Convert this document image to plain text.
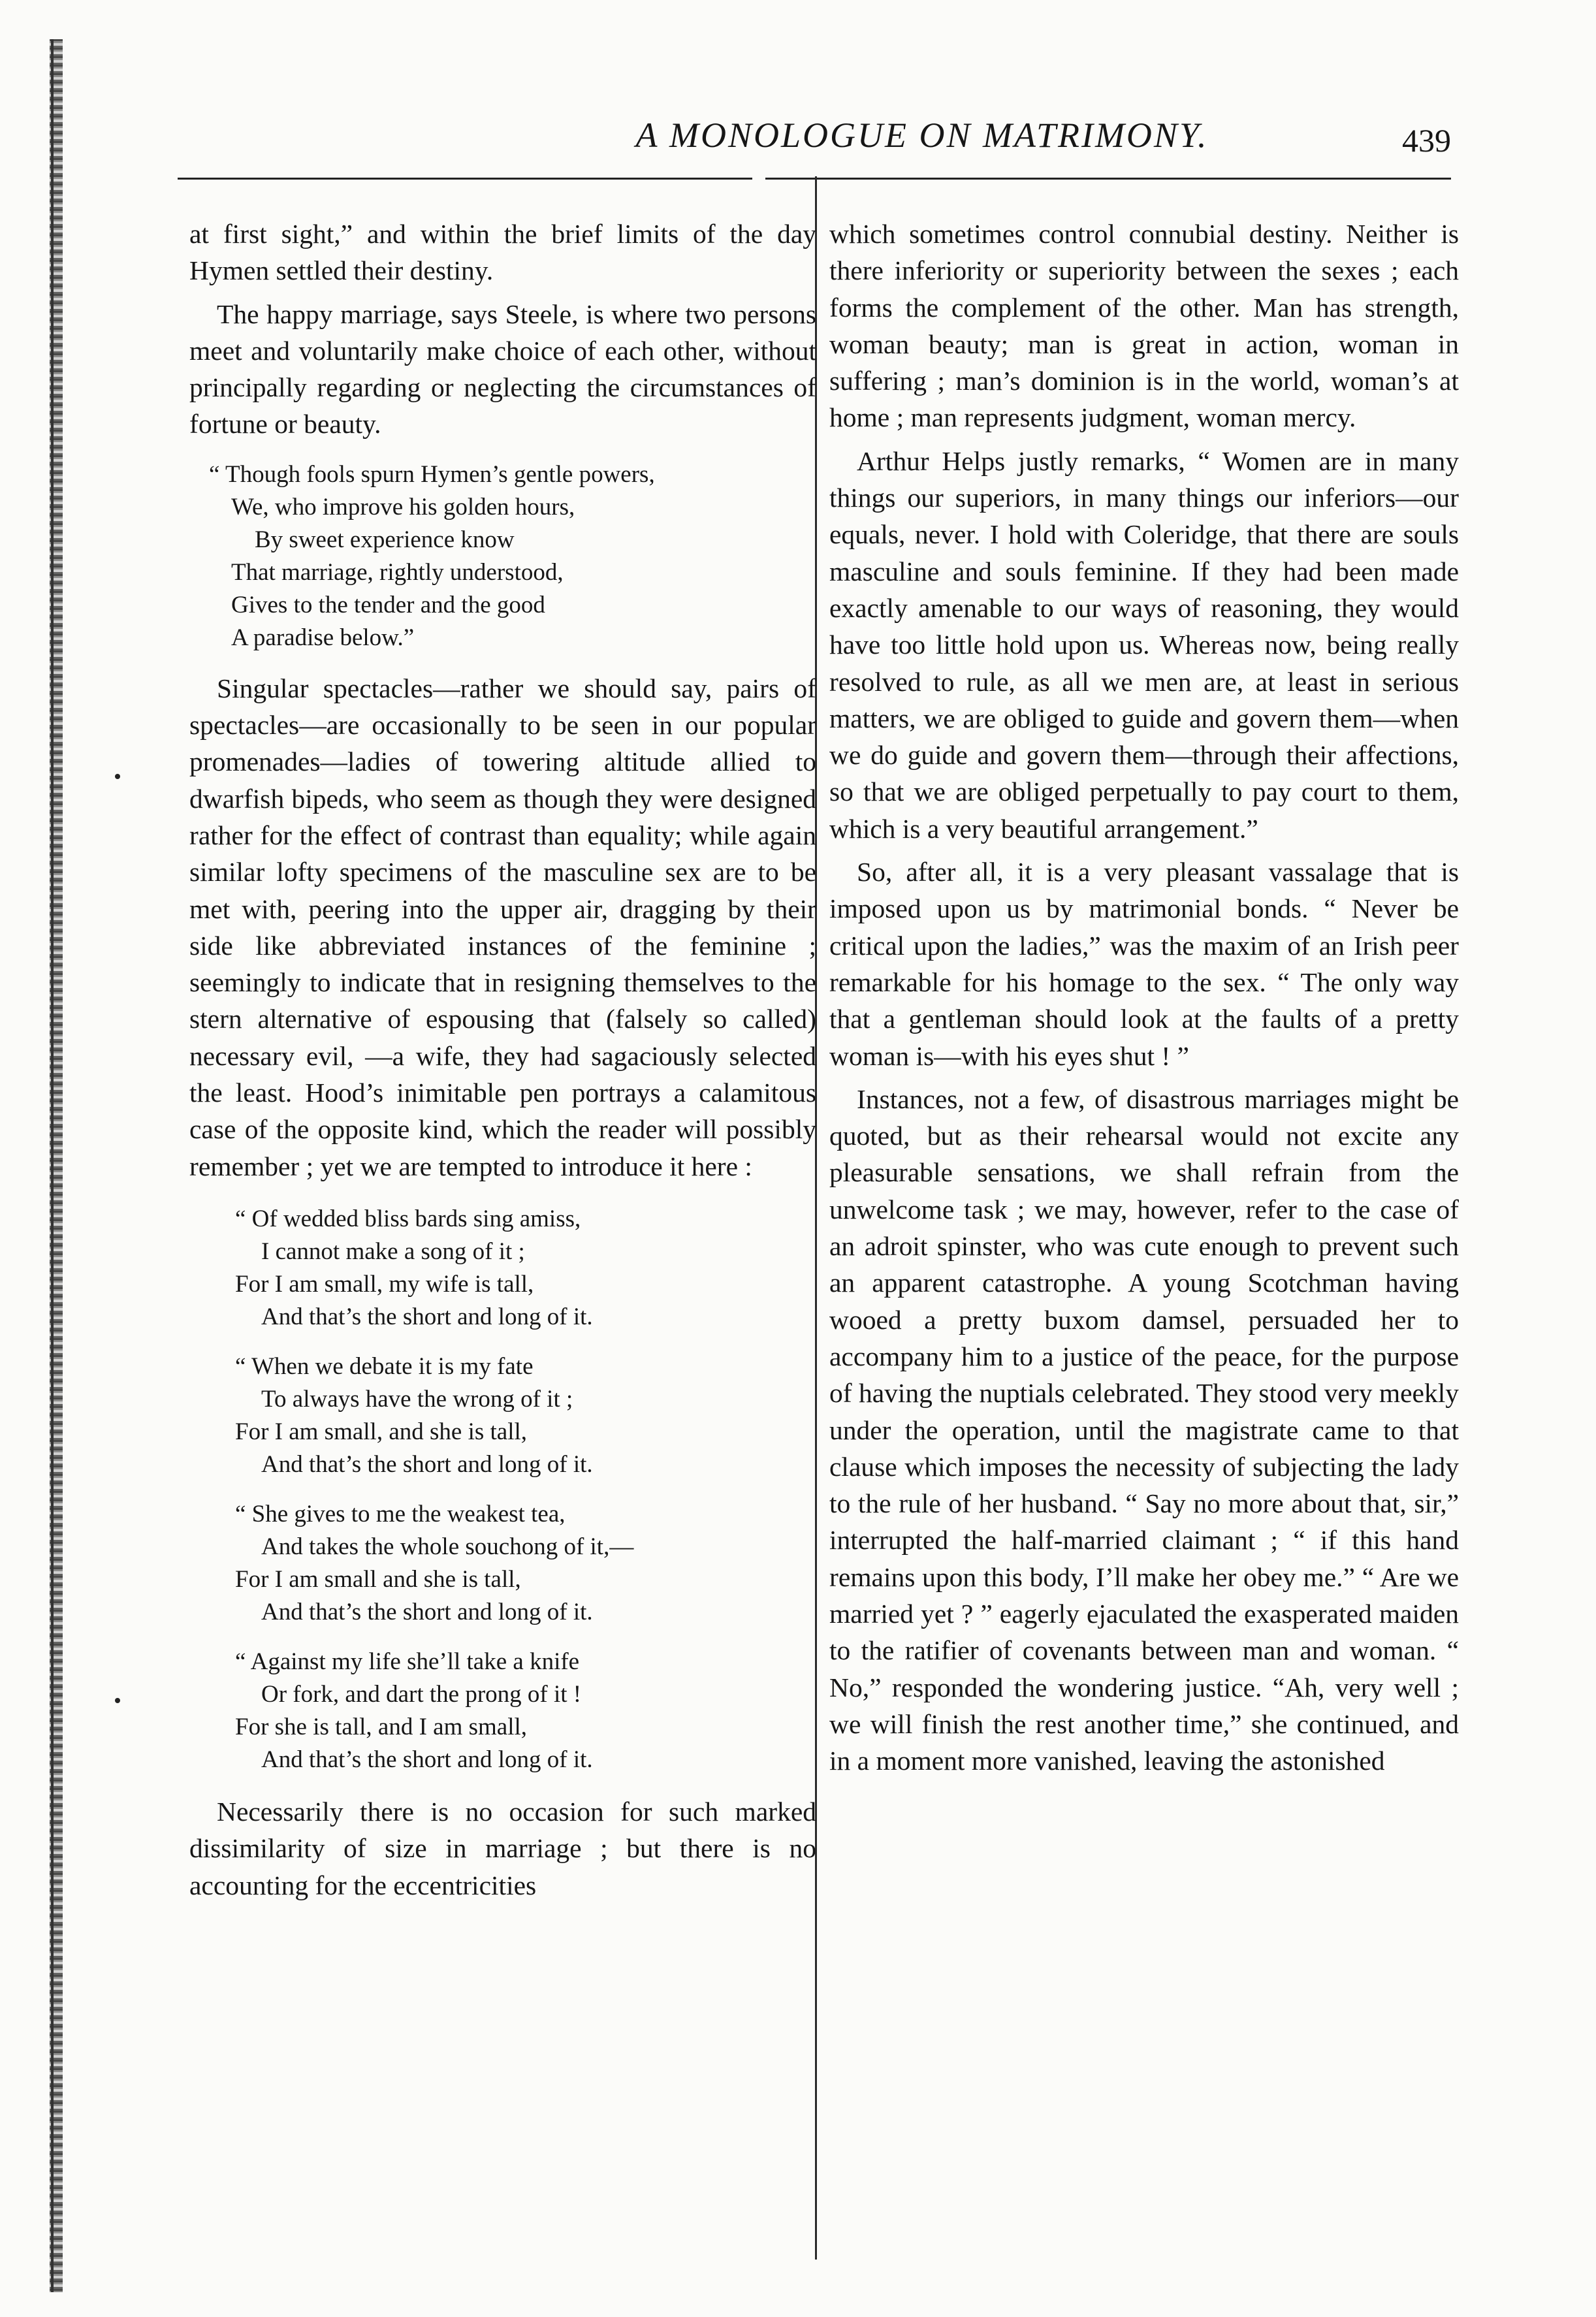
A MONOLOGUE ON MATRIMONY.	439

at first sight,” and within the brief limits of the day Hymen settled their destiny.

The happy marriage, says Steele, is where two persons meet and voluntarily make choice of each other, without principally regarding or neglecting the circumstances of fortune or beauty.

“ Though fools spurn Hymen’s gentle powers,
We, who improve his golden hours,
By sweet experience know
That marriage, rightly understood,
Gives to the tender and the good
A paradise below.”

Singular spectacles—rather we should say, pairs of spectacles—are occasionally to be seen in our popular promenades—ladies of towering altitude allied to dwarfish bipeds, who seem as though they were designed rather for the effect of contrast than equality; while again similar lofty specimens of the masculine sex are to be met with, peering into the upper air, dragging by their side like abbreviated instances of the feminine ; seemingly to indicate that in resigning themselves to the stern alternative of espousing that (falsely so called) necessary evil, —a wife, they had sagaciously selected the least. Hood’s inimitable pen portrays a calamitous case of the opposite kind, which the reader will possibly remember ; yet we are tempted to introduce it here :

“ Of wedded bliss bards sing amiss,
I cannot make a song of it ;
For I am small, my wife is tall,
And that’s the short and long of it.
“ When we debate it is my fate
To always have the wrong of it ;
For I am small, and she is tall,
And that’s the short and long of it.
“ She gives to me the weakest tea,
And takes the whole souchong of it,—
For I am small and she is tall,
And that’s the short and long of it.
“ Against my life she’ll take a knife
Or fork, and dart the prong of it !
For she is tall, and I am small,
And that’s the short and long of it.

Necessarily there is no occasion for such marked dissimilarity of size in marriage ; but there is no accounting for the eccentricities

which sometimes control connubial destiny. Neither is there inferiority or superiority between the sexes ; each forms the complement of the other. Man has strength, woman beauty; man is great in action, woman in suffering ; man’s dominion is in the world, woman’s at home ; man represents judgment, woman mercy.

Arthur Helps justly remarks, “ Women are in many things our superiors, in many things our inferiors—our equals, never. I hold with Coleridge, that there are souls masculine and souls feminine. If they had been made exactly amenable to our ways of reasoning, they would have too little hold upon us. Whereas now, being really resolved to rule, as all we men are, at least in serious matters, we are obliged to guide and govern them—when we do guide and govern them—through their affections, so that we are obliged perpetually to pay court to them, which is a very beautiful arrangement.”

So, after all, it is a very pleasant vassalage that is imposed upon us by matrimonial bonds. “ Never be critical upon the ladies,” was the maxim of an Irish peer remarkable for his homage to the sex. “ The only way that a gentleman should look at the faults of a pretty woman is—with his eyes shut ! ”

Instances, not a few, of disastrous marriages might be quoted, but as their rehearsal would not excite any pleasurable sensations, we shall refrain from the unwelcome task ; we may, however, refer to the case of an adroit spinster, who was cute enough to prevent such an apparent catastrophe. A young Scotchman having wooed a pretty buxom damsel, persuaded her to accompany him to a justice of the peace, for the purpose of having the nuptials celebrated. They stood very meekly under the operation, until the magistrate came to that clause which imposes the necessity of subjecting the lady to the rule of her husband. “ Say no more about that, sir,” interrupted the half-married claimant ; “ if this hand remains upon this body, I’ll make her obey me.” “ Are we married yet ? ” eagerly ejaculated the exasperated maiden to the ratifier of covenants between man and woman. “ No,” responded the wondering justice. “Ah, very well ; we will finish the rest another time,” she continued, and in a moment more vanished, leaving the astonished
